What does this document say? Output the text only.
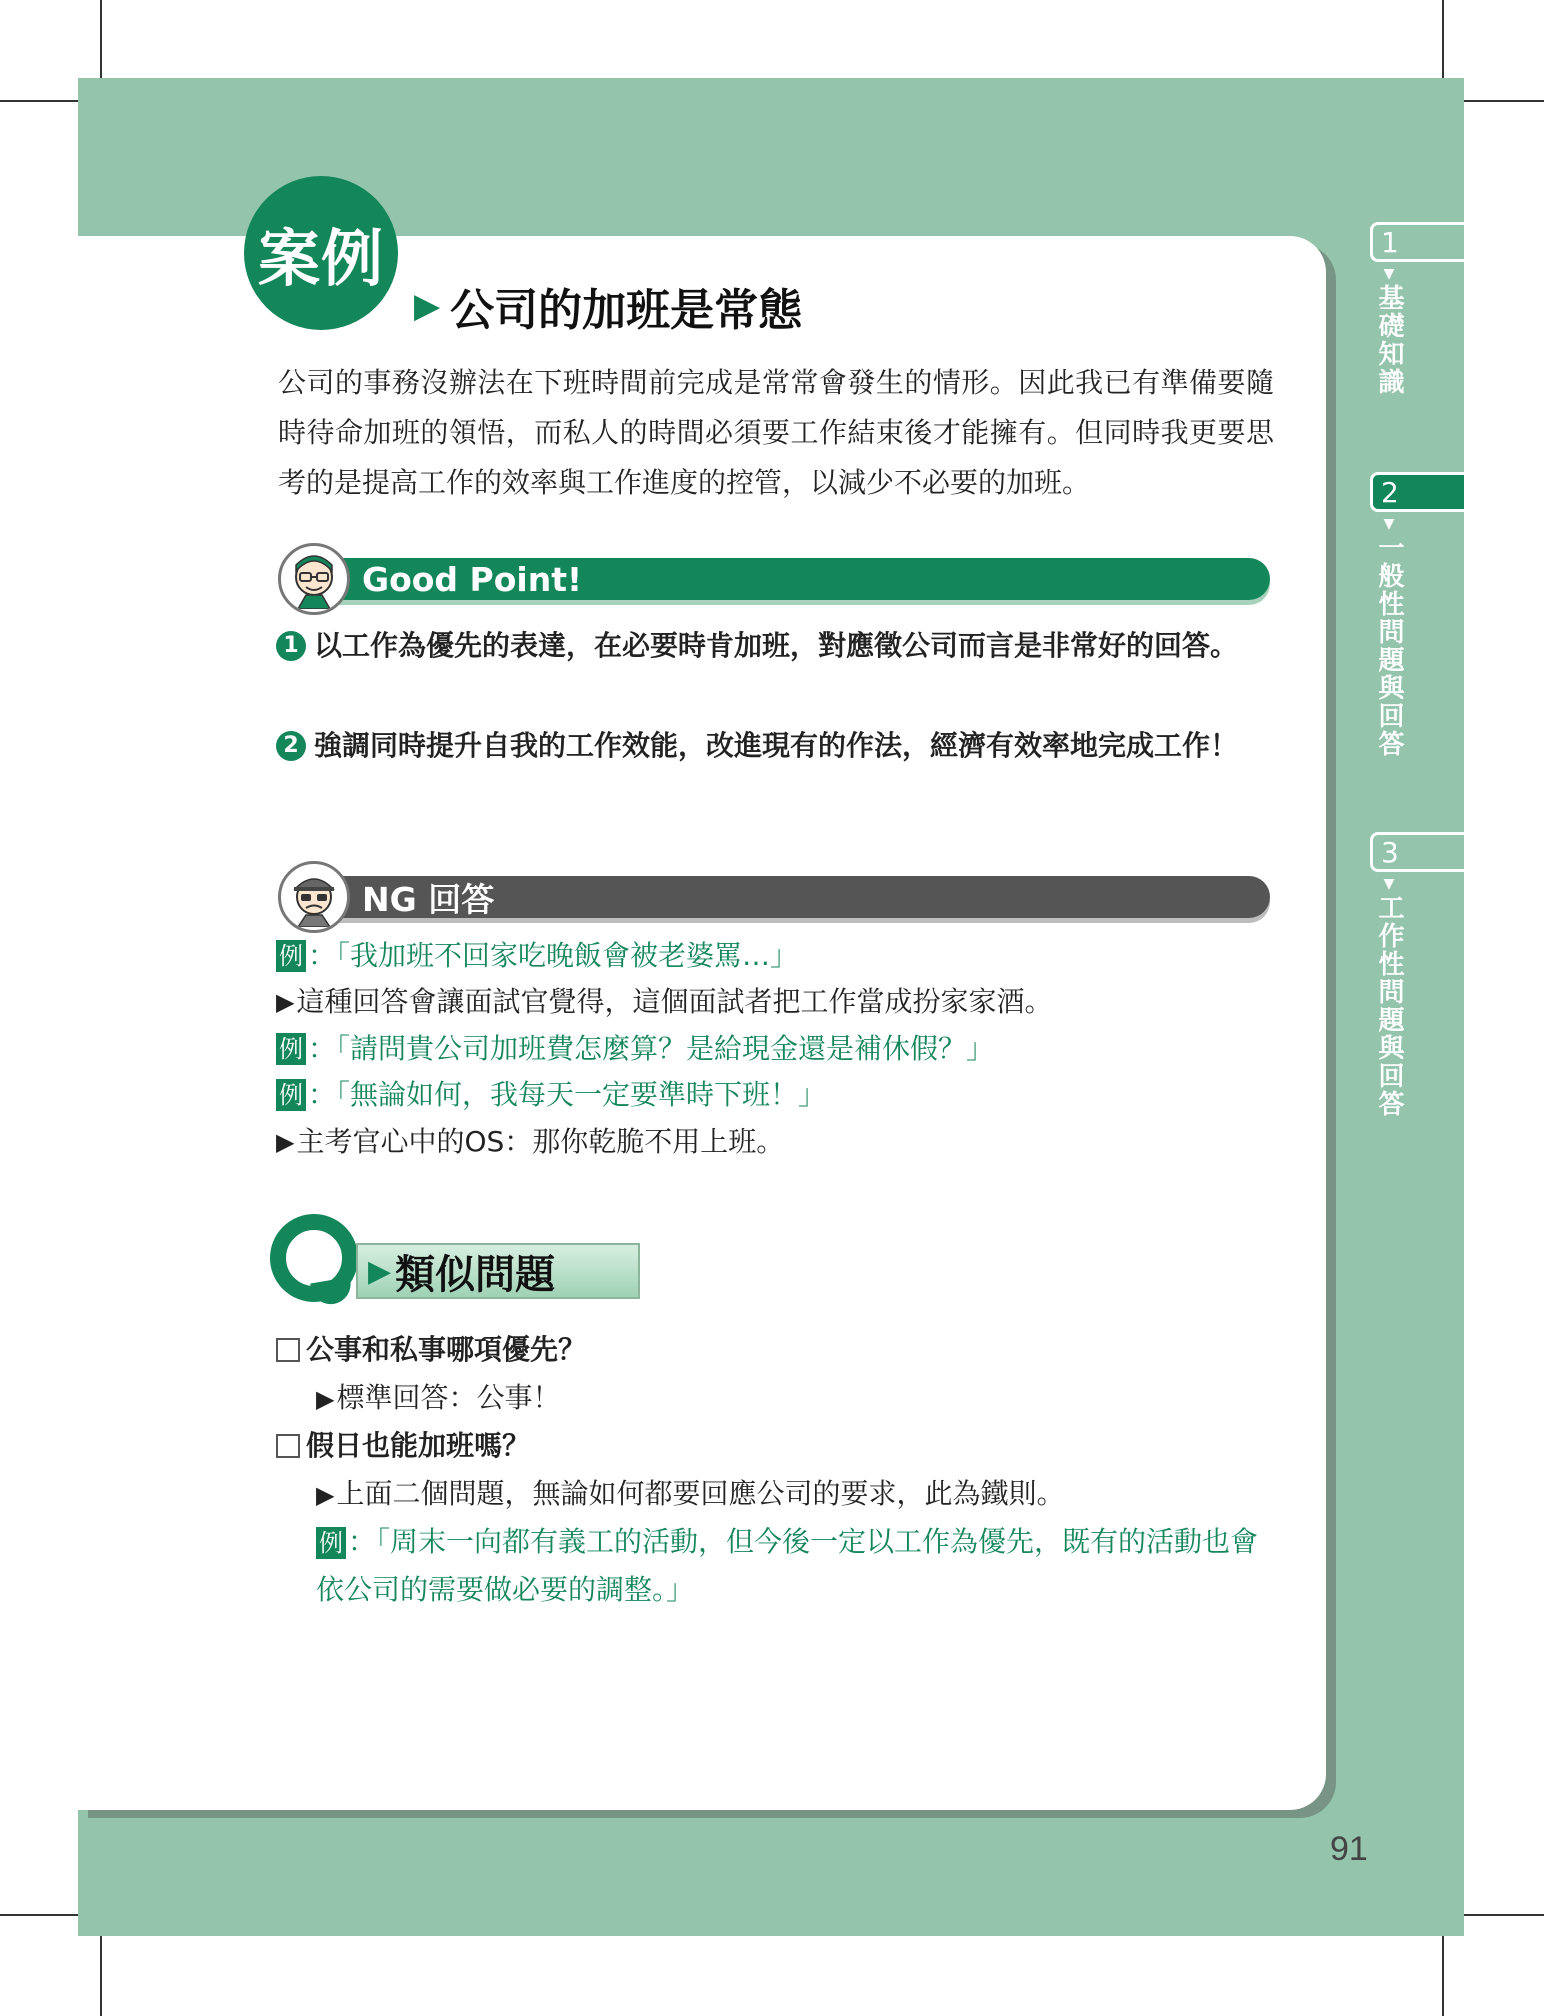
案例
▶ 公司的加班是常態

公司的事務沒辦法在下班時間前完成是常常會發生的情形。因此我已有準備要隨時待命加班的領悟，而私人的時間必須要工作結束後才能擁有。但同時我更要思考的是提高工作的效率與工作進度的控管，以減少不必要的加班。

Good Point!
1 以工作為優先的表達，在必要時肯加班，對應徵公司而言是非常好的回答。
2 強調同時提升自我的工作效能，改進現有的作法，經濟有效率地完成工作！
NG 回答
例 ：「我加班不回家吃晚飯會被老婆罵…」
▶ 這種回答會讓面試官覺得，這個面試者把工作當成扮家家酒。
例 ：「請問貴公司加班費怎麼算？是給現金還是補休假？」
例 ：「無論如何，我每天一定要準時下班！」
▶ 主考官心中的OS：那你乾脆不用上班。
▶ 類似問題
公事和私事哪項優先？
▶標準回答：公事！
假日也能加班嗎？
▶上面二個問題，無論如何都要回應公司的要求，此為鐵則。
例 ：「周末一向都有義工的活動，但今後一定以工作為優先，既有的活動也會依公司的需要做必要的調整。」
1
▼基礎知識
2
▼一般性問題與回答
3
▼工作性問題與回答
91
